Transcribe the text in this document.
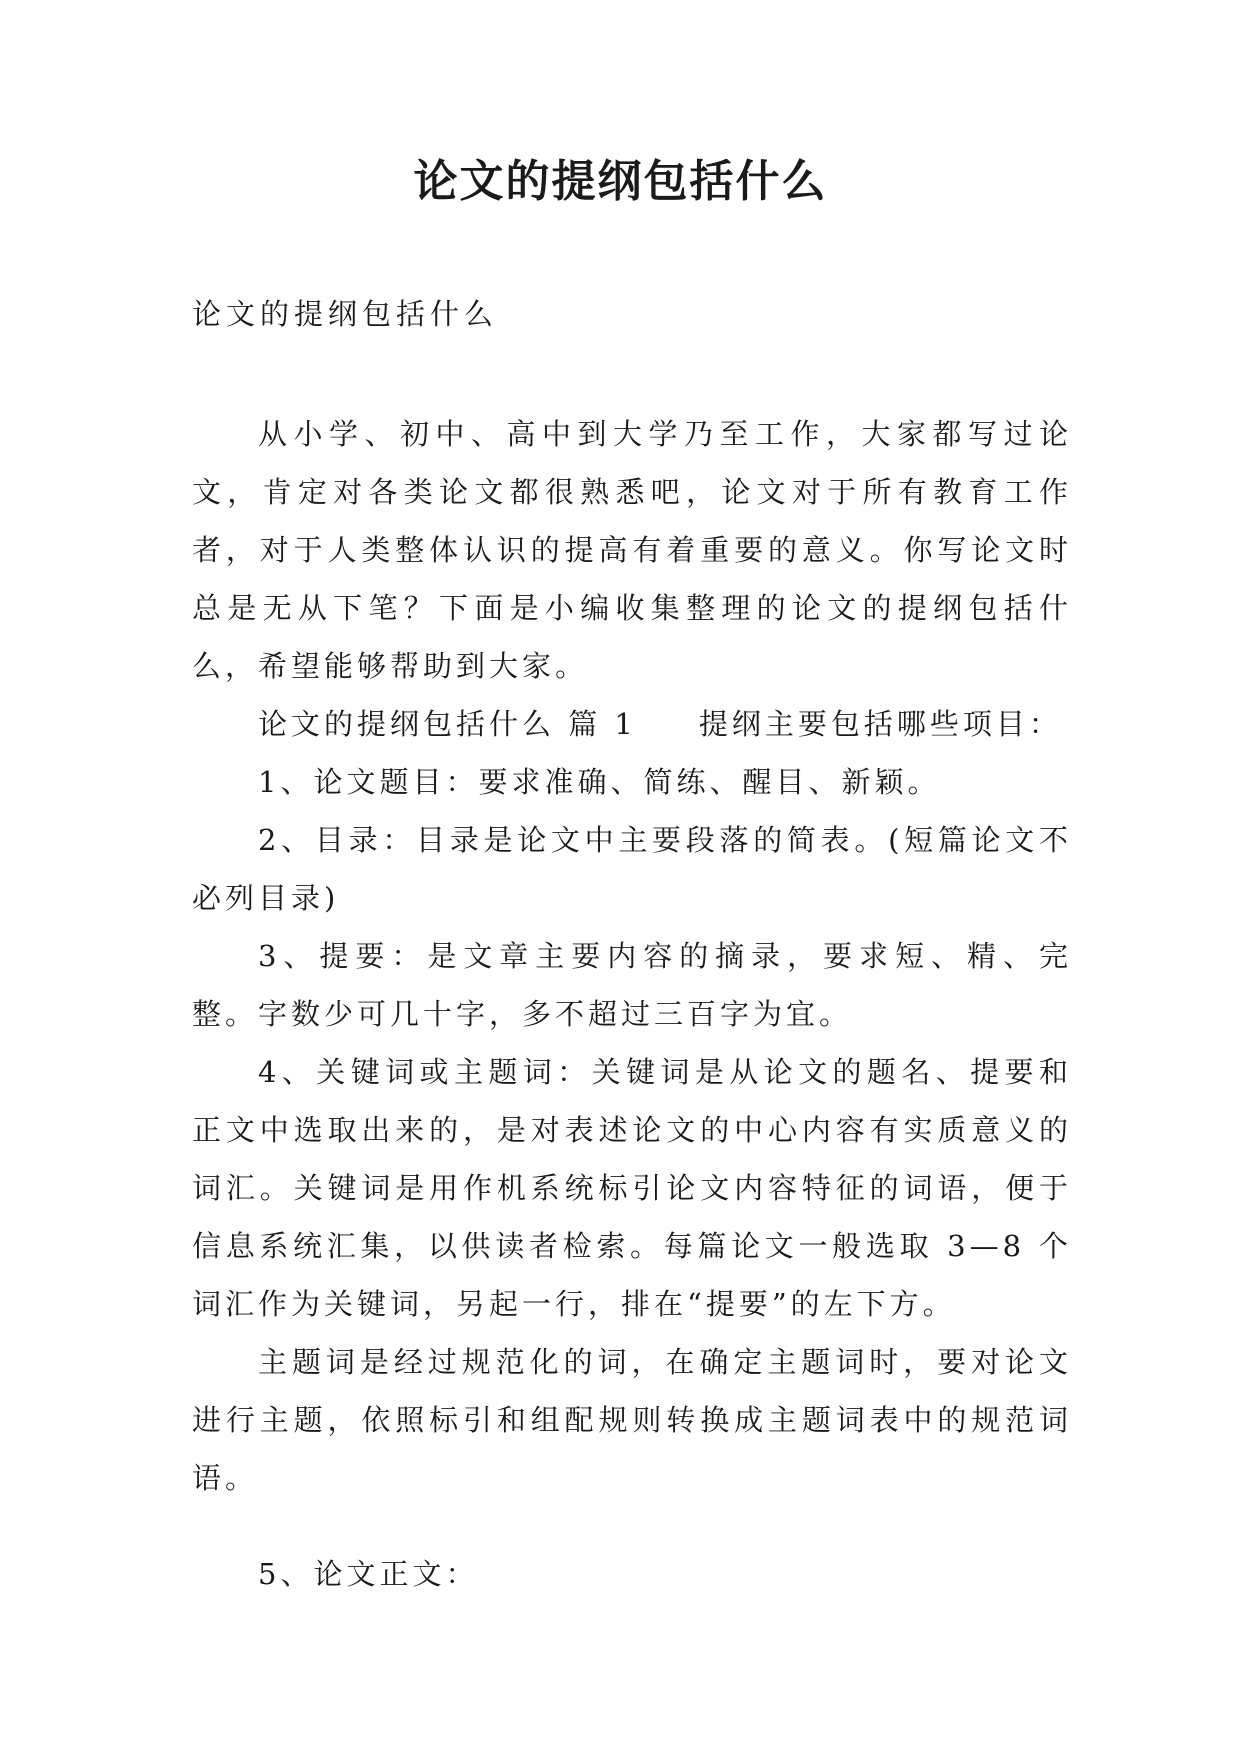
论文的提纲包括什么
论文的提纲包括什么

从小学、初中、高中到大学乃至工作，大家都写过论文，肯定对各类论文都很熟悉吧，论文对于所有教育工作者，对于人类整体认识的提高有着重要的意义。你写论文时总是无从下笔？下面是小编收集整理的论文的提纲包括什么，希望能够帮助到大家。

论文的提纲包括什么 篇 1 提纲主要包括哪些项目：

1、论文题目：要求准确、简练、醒目、新颖。

2、目录：目录是论文中主要段落的简表。(短篇论文不必列目录)

3、提要：是文章主要内容的摘录，要求短、精、完整。字数少可几十字，多不超过三百字为宜。

4、关键词或主题词：关键词是从论文的题名、提要和正文中选取出来的，是对表述论文的中心内容有实质意义的词汇。关键词是用作机系统标引论文内容特征的词语，便于信息系统汇集，以供读者检索。每篇论文一般选取 3—8 个词汇作为关键词，另起一行，排在“提要”的左下方。

主题词是经过规范化的词，在确定主题词时，要对论文进行主题，依照标引和组配规则转换成主题词表中的规范词语。

5、论文正文：
